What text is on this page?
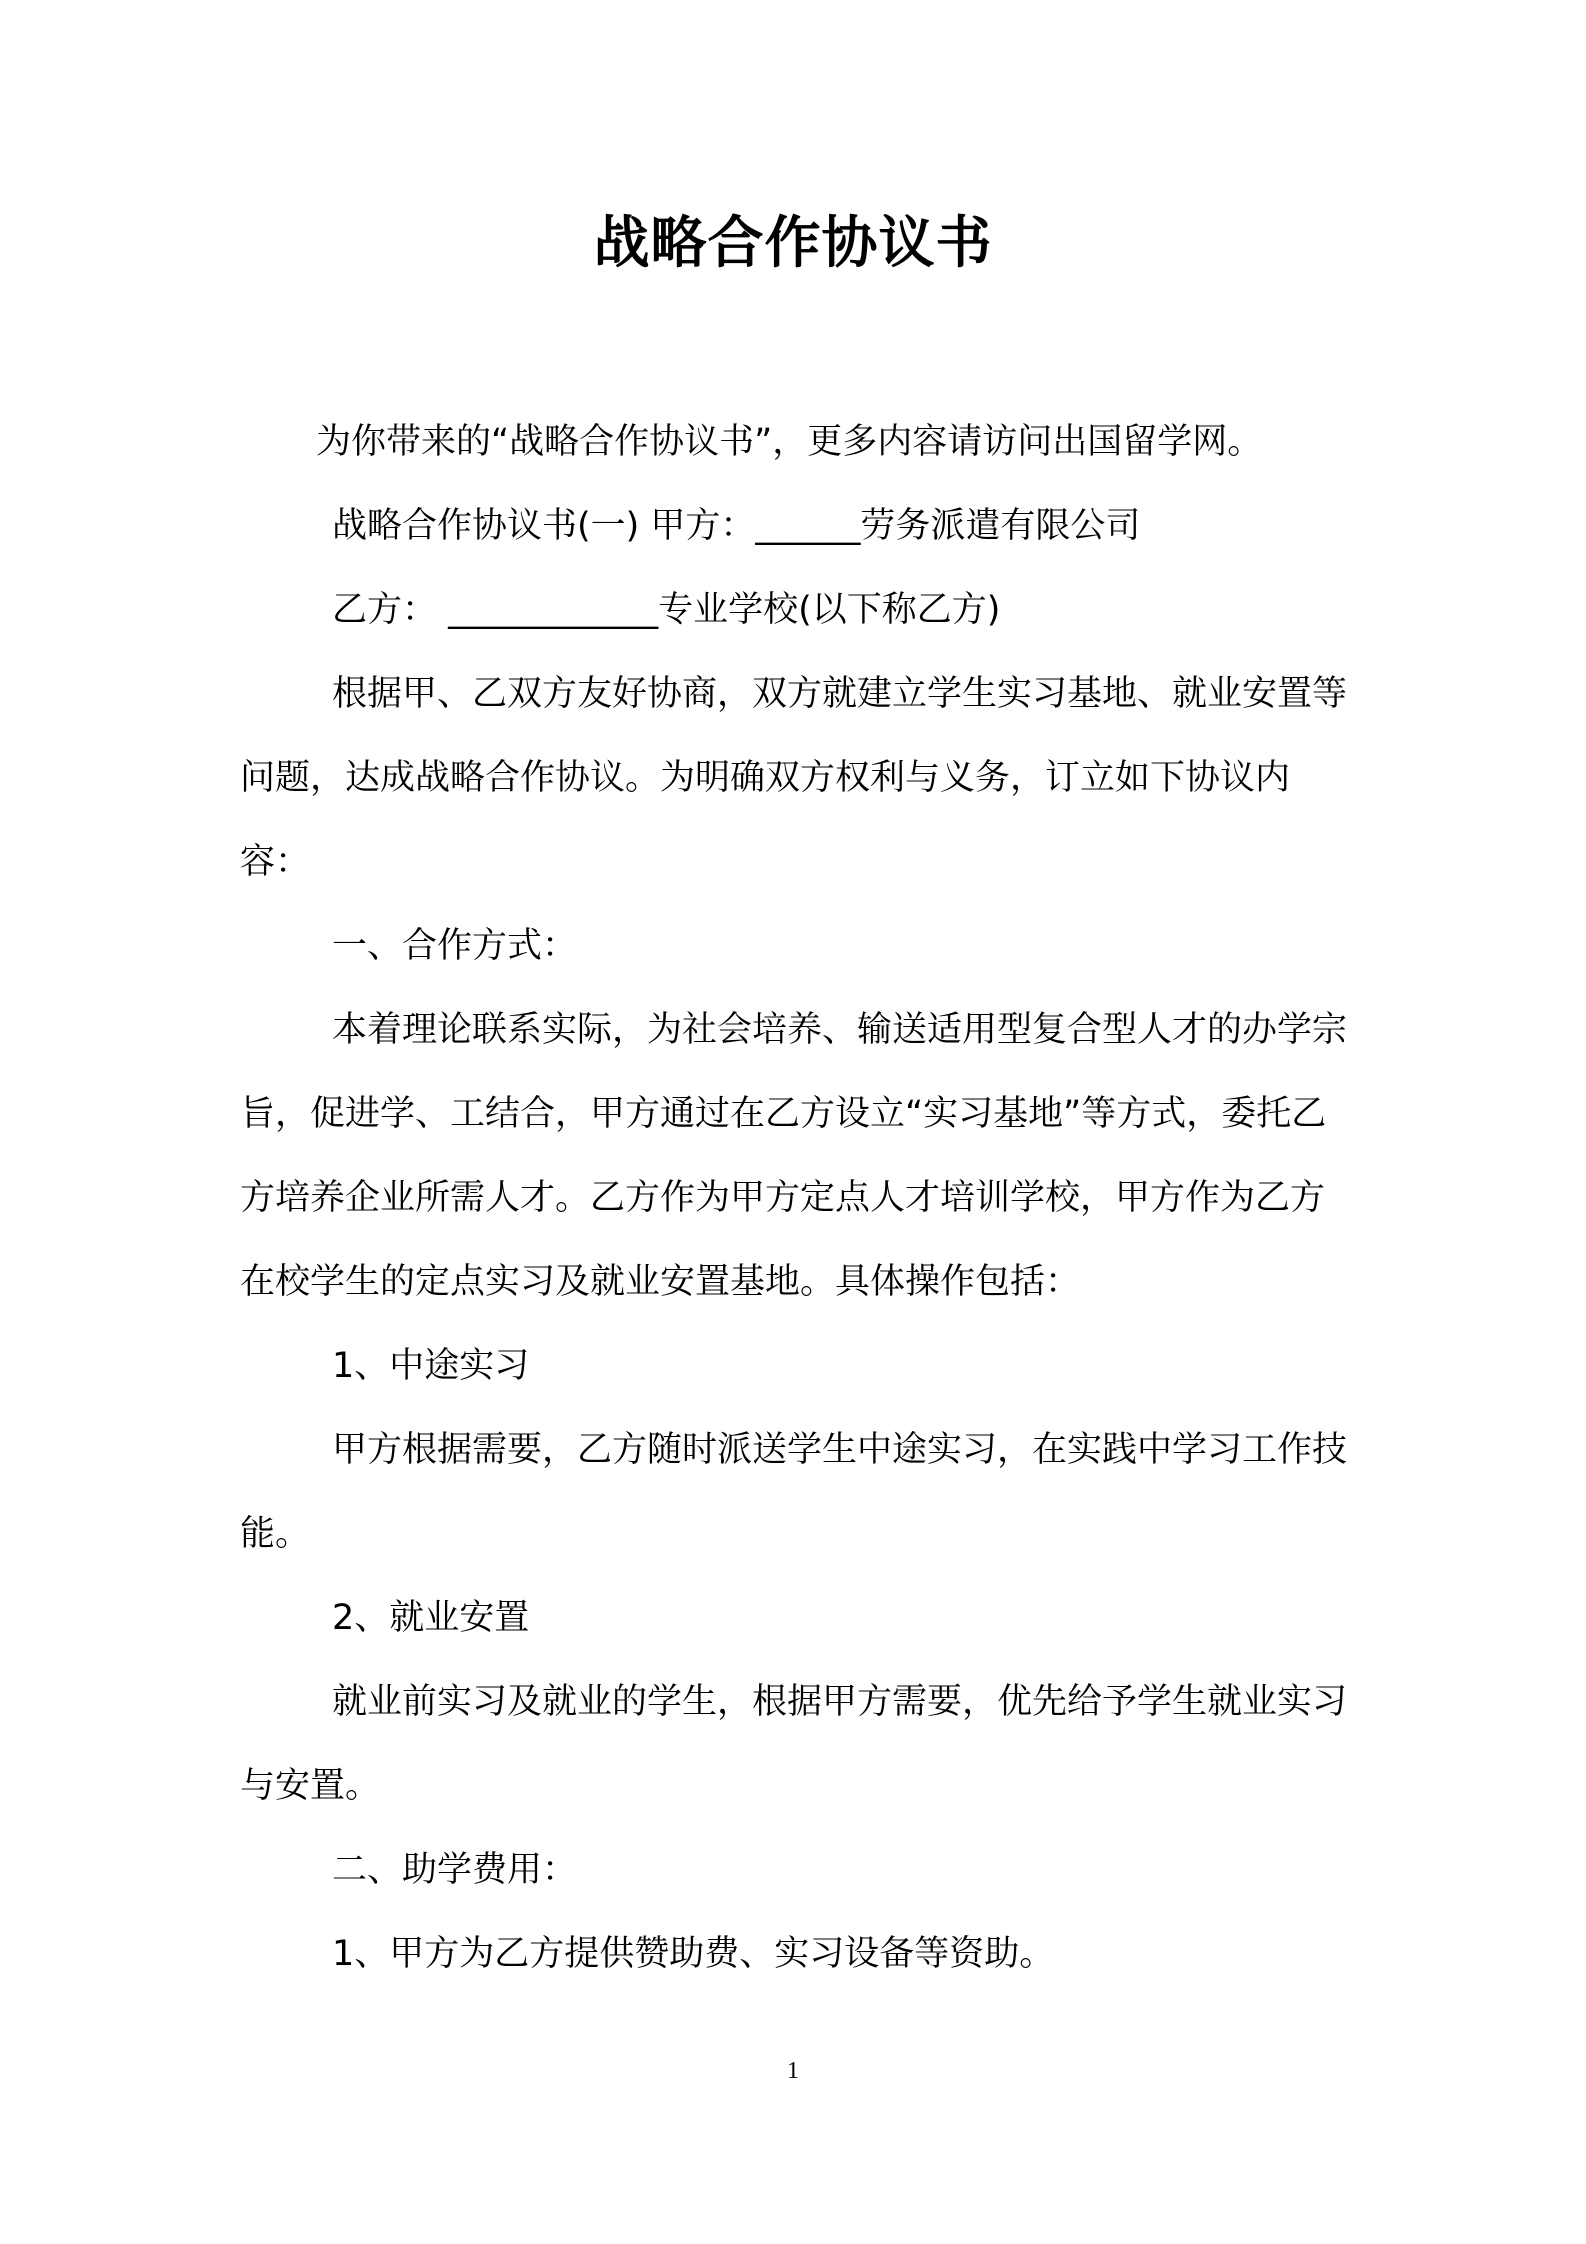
战略合作协议书

为你带来的“战略合作协议书”，更多内容请访问出国留学网。

战略合作协议书(一) 甲方：______劳务派遣有限公司

乙方： ____________专业学校(以下称乙方)

根据甲、乙双方友好协商，双方就建立学生实习基地、就业安置等问题，达成战略合作协议。为明确双方权利与义务，订立如下协议内容：

一、合作方式：

本着理论联系实际，为社会培养、输送适用型复合型人才的办学宗旨，促进学、工结合，甲方通过在乙方设立“实习基地”等方式，委托乙方培养企业所需人才。乙方作为甲方定点人才培训学校，甲方作为乙方在校学生的定点实习及就业安置基地。具体操作包括：

1、中途实习

甲方根据需要，乙方随时派送学生中途实习，在实践中学习工作技能。

2、就业安置

就业前实习及就业的学生，根据甲方需要，优先给予学生就业实习与安置。

二、助学费用：

1、甲方为乙方提供赞助费、实习设备等资助。

1
